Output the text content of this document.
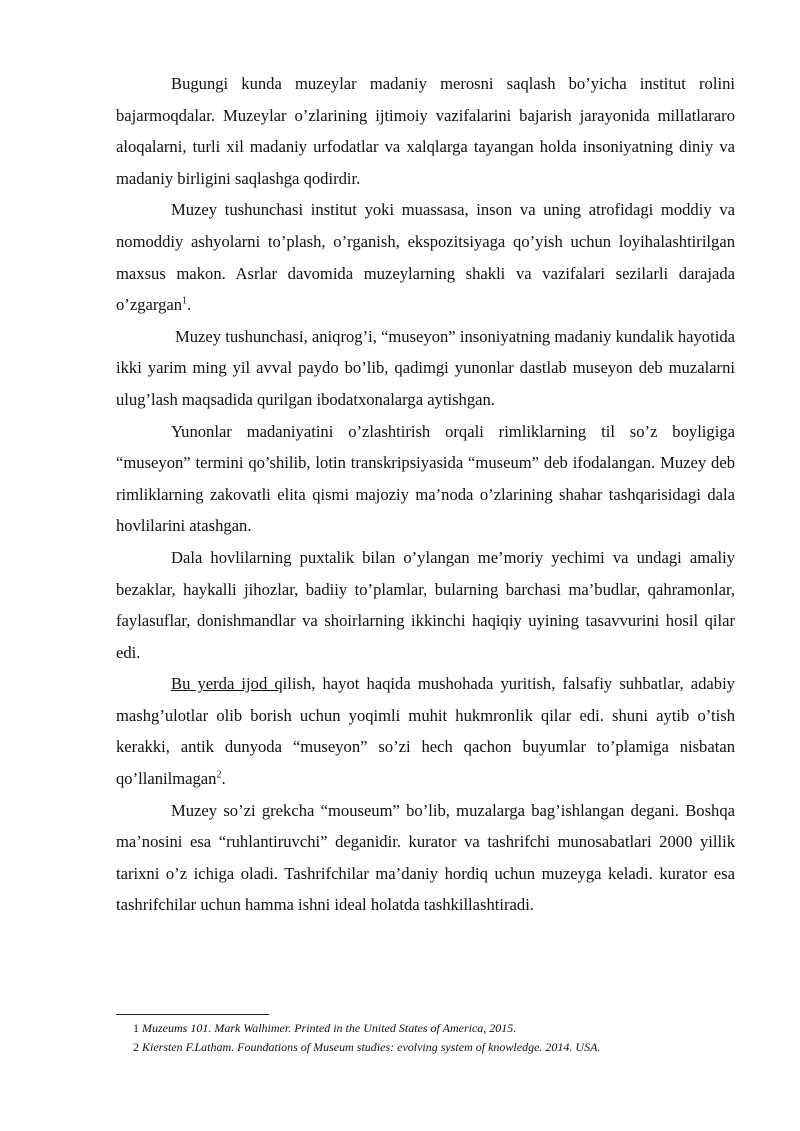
Bugungi kunda muzeylar madaniy merosni saqlash bo’yicha institut rolini bajarmoqdalar. Muzeylar o’zlarining ijtimoiy vazifalarini bajarish jarayonida millatlararo aloqalarni, turli xil madaniy urfodatlar va xalqlarga tayangan holda insoniyatning diniy va madaniy birligini saqlashga qodirdir.

Muzey tushunchasi institut yoki muassasa, inson va uning atrofidagi moddiy va nomoddiy ashyolarni to’plash, o’rganish, ekspozitsiyaga qo’yish uchun loyihalashtirilgan maxsus makon. Asrlar davomida muzeylarning shakli va vazifalari sezilarli darajada o’zgargan$^1$.

Muzey tushunchasi, aniqrog’i, “museyon” insoniyatning madaniy kundalik hayotida ikki yarim ming yil avval paydo bo’lib, qadimgi yunonlar dastlab museyon deb muzalarni ulug’lash maqsadida qurilgan ibodatxonalarga aytishgan.

Yunonlar madaniyatini o’zlashtirish orqali rimliklarning til so’z boyligiga “museyon” termini qo’shilib, lotin transkripsiyasida “museum” deb ifodalangan. Muzey deb rimliklarning zakovatli elita qismi majoziy ma’noda o’zlarining shahar tashqarisidagi dala hovlilarini atashgan.

Dala hovlilarning puxtalik bilan o’ylangan me’moriy yechimi va undagi amaliy bezaklar, haykalli jihozlar, badiiy to’plamlar, bularning barchasi ma’budlar, qahramonlar, faylasuflar, donishmandlar va shoirlarning ikkinchi haqiqiy uyining tasavvurini hosil qilar edi.

Bu yerda ijod qilish, hayot haqida mushohada yuritish, falsafiy suhbatlar, adabiy mashg’ulotlar olib borish uchun yoqimli muhit hukmronlik qilar edi. shuni aytib o’tish kerakki, antik dunyoda “museyon” so’zi hech qachon buyumlar to’plamiga nisbatan qo’llanilmagan$^2$.

Muzey so’zi grekcha “mouseum” bo’lib, muzalarga bag’ishlangan degani. Boshqa ma’nosini esa “ruhlantiruvchi” deganidir. kurator va tashrifchi munosabatlari 2000 yillik tarixni o’z ichiga oladi. Tashrifchilar ma’daniy hordiq uchun muzeyga keladi. kurator esa tashrifchilar uchun hamma ishni ideal holatda tashkillashtiradi.

1 Muzeums 101. Mark Walhimer. Printed in the United States of America, 2015.

2 Kiersten F.Latham. Foundations of Museum studies: evolving system of knowledge. 2014. USA.
